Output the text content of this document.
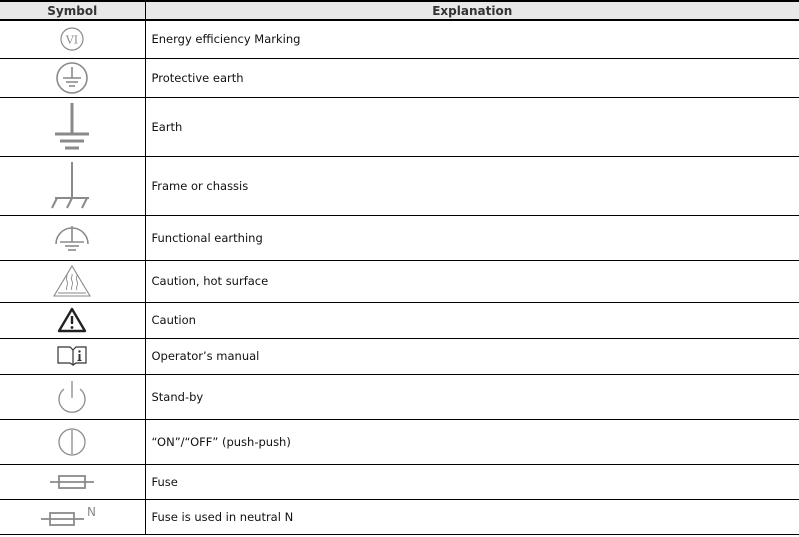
Symbol	Explanation

VI	Energy efficiency Marking

	Protective earth

	Earth

	Frame or chassis

	Functional earthing

	Caution, hot surface

	Caution

	Operator’s manual

	Stand-by

	“ON”/“OFF” (push-push)

	Fuse

N	Fuse is used in neutral N
